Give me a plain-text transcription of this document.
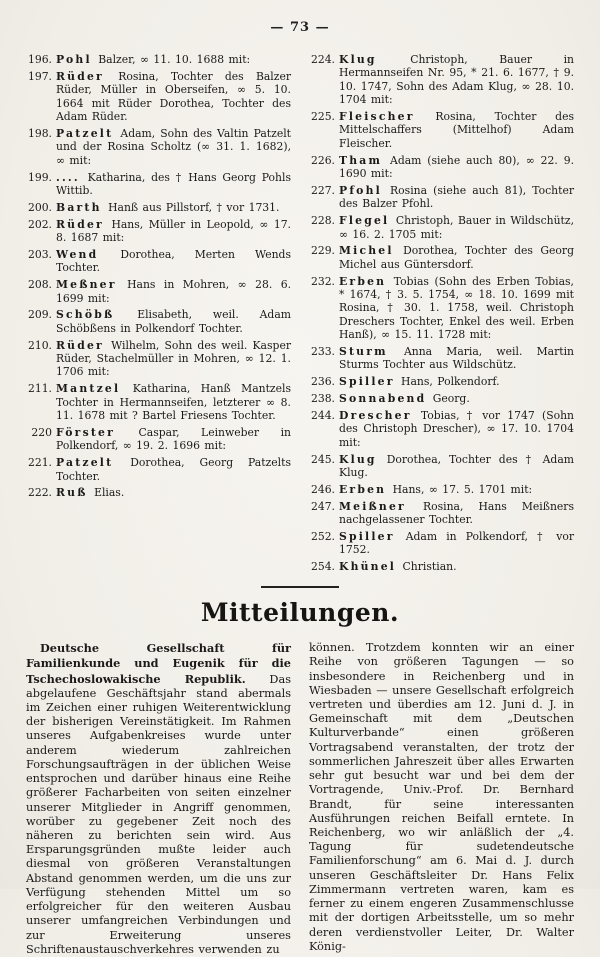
— 73 —
196. Pohl Balzer, ∞ 11. 10. 1688 mit:
197. Rüder Rosina, Tochter des Balzer Rüder, Müller in Oberseifen, ∞ 5. 10. 1664 mit Rüder Dorothea, Tochter des Adam Rüder.
198. Patzelt Adam, Sohn des Valtin Patzelt und der Rosina Scholtz (∞ 31. 1. 1682), ∞ mit:
199. .... Katharina, des † Hans Georg Pohls Wittib.
200. Barth Hanß aus Pillstorf, † vor 1731.
202. Rüder Hans, Müller in Leopold, ∞ 17. 8. 1687 mit:
203. Wend Dorothea, Merten Wends Tochter.
208. Meßner Hans in Mohren, ∞ 28. 6. 1699 mit:
209. Schöbß Elisabeth, weil. Adam Schöbßens in Polkendorf Tochter.
210. Rüder Wilhelm, Sohn des weil. Kasper Rüder, Stachelmüller in Mohren, ∞ 12. 1. 1706 mit:
211. Mantzel Katharina, Hanß Mantzels Tochter in Hermannseifen, letzterer ∞ 8. 11. 1678 mit ? Bartel Friesens Tochter.
220 Förster Caspar, Leinweber in Polkendorf, ∞ 19. 2. 1696 mit:
221. Patzelt Dorothea, Georg Patzelts Tochter.
222. Ruß Elias.
224. Klug	Christoph, Bauer in Hermannseifen Nr. 95, * 21. 6. 1677, † 9. 10. 1747, Sohn des Adam Klug, ∞ 28. 10. 1704 mit:
225. Fleischer Rosina, Tochter des Mittelschaffers (Mittelhof) Adam Fleischer.
226. Tham Adam (siehe auch 80), ∞ 22. 9. 1690 mit:
227. Pfohl Rosina (siehe auch 81), Tochter des Balzer Pfohl.
228. Flegel Christoph, Bauer in Wildschütz, ∞ 16. 2. 1705 mit:
229. Michel Dorothea, Tochter des Georg Michel aus Güntersdorf.
232. Erben Tobias (Sohn des Erben Tobias, * 1674, † 3. 5. 1754, ∞ 18. 10. 1699 mit Rosina, † 30. 1. 1758, weil. Christoph Dreschers Tochter, Enkel des weil. Erben Hanß), ∞ 15. 11. 1728 mit:
233. Sturm Anna Maria, weil. Martin Sturms Tochter aus Wildschütz.
236. Spiller Hans, Polkendorf.
238. Sonnabend Georg.
244. Drescher Tobias, † vor 1747 (Sohn des Christoph Drescher), ∞ 17. 10. 1704 mit:
245. Klug Dorothea, Tochter des † Adam Klug.
246. Erben Hans, ∞ 17. 5. 1701 mit:
247. Meißner Rosina, Hans Meißners nachgelassener Tochter.
252. Spiller Adam in Polkendorf, † vor 1752.
254. Khünel Christian.
Mitteilungen.

Deutsche Gesellschaft für Familienkunde und Eugenik für die Tschechoslowakische Republik. Das abgelaufene Geschäftsjahr stand abermals im Zeichen einer ruhigen Weiterentwicklung der bisherigen Vereinstätigkeit. Im Rahmen unseres Aufgabenkreises wurde unter anderem wiederum zahlreichen Forschungsaufträgen in der üblichen Weise entsprochen und darüber hinaus eine Reihe größerer Facharbeiten von seiten einzelner unserer Mitglieder in Angriff genommen, worüber zu gegebener Zeit noch des näheren zu berichten sein wird. Aus Ersparungsgründen mußte leider auch diesmal von größeren Veranstaltungen Abstand genommen werden, um die uns zur Verfügung stehenden Mittel um so erfolgreicher für den weiteren Ausbau unserer umfangreichen Verbindungen und zur Erweiterung unseres Schriftenaustauschverkehres verwenden zu

können. Trotzdem konnten wir an einer Reihe von größeren Tagungen — so insbesondere in Reichenberg und in Wiesbaden — unsere Gesellschaft erfolgreich vertreten und überdies am 12. Juni d. J. in Gemeinschaft mit dem „Deutschen Kulturverbande“ einen größeren Vortragsabend veranstalten, der trotz der sommerlichen Jahreszeit über alles Erwarten sehr gut besucht war und bei dem der Vortragende, Univ.-Prof. Dr. Bernhard Brandt, für seine interessanten Ausführungen reichen Beifall erntete. In Reichenberg, wo wir anläßlich der „4. Tagung für sudetendeutsche Familienforschung“ am 6. Mai d. J. durch unseren Geschäftsleiter Dr. Hans Felix Zimmermann vertreten waren, kam es ferner zu einem engeren Zusammenschlusse mit der dortigen Arbeitsstelle, um so mehr deren verdienstvoller Leiter, Dr. Walter König-
